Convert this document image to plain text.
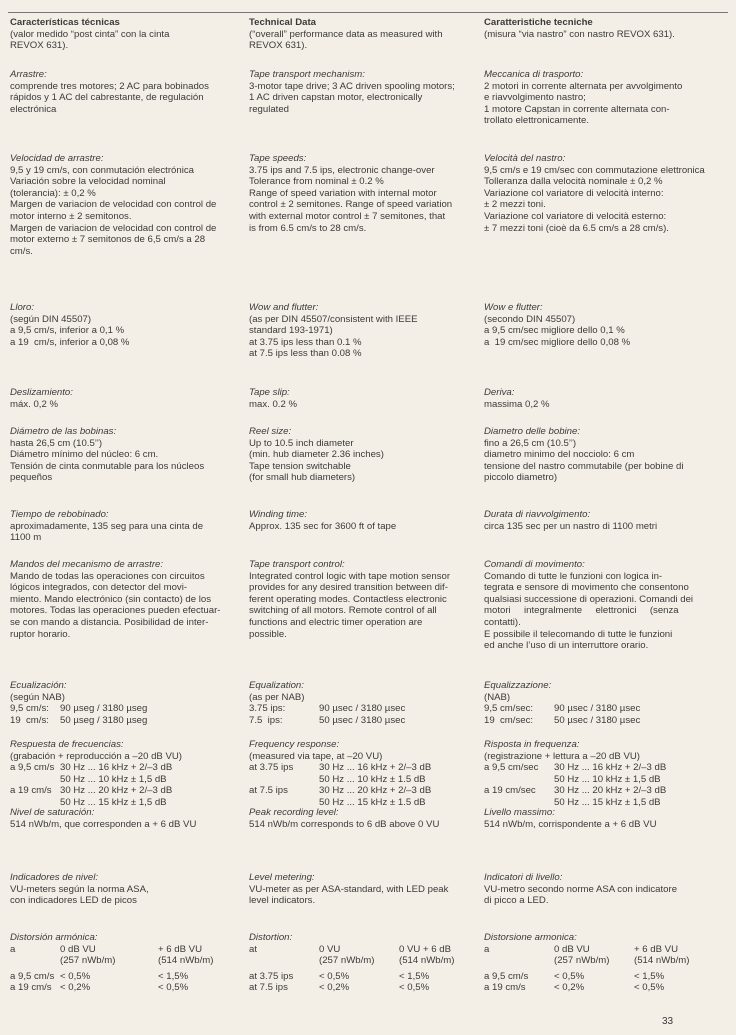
Características técnicas
(valor medido “post cinta” con la cinta
REVOX 631).
Arrastre:
comprende tres motores; 2 AC para bobinados
rápidos y 1 AC del cabrestante, de regulación
electrónica
Velocidad de arrastre:
9,5 y 19 cm/s, con conmutación electrónica
Variación sobre la velocidad nominal
(tolerancia): ± 0,2 %
Margen de variacion de velocidad con control de
motor interno ± 2 semitonos.
Margen de variacion de velocidad con control de
motor externo ± 7 semitonos de 6,5 cm/s a 28
cm/s.
Lloro:
(según DIN 45507)
a 9,5 cm/s, inferior a 0,1 %
a 19  cm/s, inferior a 0,08 %
Deslizamiento:
máx. 0,2 %
Diámetro de las bobinas:
hasta 26,5 cm (10.5’’)
Diámetro mínimo del núcleo: 6 cm.
Tensión de cinta conmutable para los núcleos
pequeños
Tiempo de rebobinado:
aproximadamente, 135 seg para una cinta de
1100 m
Mandos del mecanismo de arrastre:
Mando de todas las operaciones con circuitos
lógicos integrados, con detector del movi-
miento. Mando electrónico (sin contacto) de los
motores. Todas las operaciones pueden efectuar-
se con mando a distancia. Posibilidad de inter-
ruptor horario.
Ecualización:
(según NAB)
9,5 cm/s:	90 µseg / 3180 µseg
19  cm/s:	50 µseg / 3180 µseg
Respuesta de frecuencias:
(grabación + reproducción a –20 dB VU)
a 9,5 cm/s	30 Hz ... 16 kHz + 2/–3 dB
	50 Hz ... 10 kHz ± 1,5 dB
a 19 cm/s	30 Hz ... 20 kHz + 2/–3 dB
	50 Hz ... 15 kHz ± 1,5 dB
Nivel de saturación:
514 nWb/m, que corresponden a + 6 dB VU
Indicadores de nivel:
VU-meters según la norma ASA,
con indicadores LED de picos
Distorsión armónica:
a	0 dB VU	+ 6 dB VU
	(257 nWb/m)	(514 nWb/m)

a 9,5 cm/s	< 0,5%	< 1,5%
a 19 cm/s	< 0,2%	< 0,5%
Technical Data
(“overall” performance data as measured with
REVOX 631).
Tape transport mechanism:
3-motor tape drive; 3 AC driven spooling motors;
1 AC driven capstan motor, electronically
regulated
Tape speeds:
3.75 ips and 7.5 ips, electronic change-over
Tolerance from nominal ± 0.2 %
Range of speed variation with internal motor
control ± 2 semitones. Range of speed variation
with external motor control ± 7 semitones, that
is from 6.5 cm/s to 28 cm/s.
Wow and flutter:
(as per DIN 45507/consistent with IEEE
standard 193-1971)
at 3.75 ips less than 0.1 %
at 7.5 ips less than 0.08 %
Tape slip:
max. 0.2 %
Reel size:
Up to 10.5 inch diameter
(min. hub diameter 2.36 inches)
Tape tension switchable
(for small hub diameters)
Winding time:
Approx. 135 sec for 3600 ft of tape
Tape transport control:
Integrated control logic with tape motion sensor
provides for any desired transition between dif-
ferent operating modes. Contactless electronic
switching of all motors. Remote control of all
functions and electric timer operation are
possible.
Equalization:
(as per NAB)
3.75 ips:	90 µsec / 3180 µsec
7.5  ips:	50 µsec / 3180 µsec
Frequency response:
(measured via tape, at –20 VU)
at 3.75 ips	30 Hz ... 16 kHz + 2/–3 dB
	50 Hz ... 10 kHz ± 1.5 dB
at 7.5 ips	30 Hz ... 20 kHz + 2/–3 dB
	50 Hz ... 15 kHz ± 1.5 dB
Peak recording level:
514 nWb/m corresponds to 6 dB above 0 VU
Level metering:
VU-meter as per ASA-standard, with LED peak
level indicators.
Distortion:
at	0 VU	0 VU + 6 dB
	(257 nWb/m)	(514 nWb/m)

at 3.75 ips	< 0,5%	< 1,5%
at 7.5 ips	< 0,2%	< 0,5%
Caratteristiche tecniche
(misura “via nastro” con nastro REVOX 631).
Meccanica di trasporto:
2 motori in corrente alternata per avvolgimento
e riavvolgimento nastro;
1 motore Capstan in corrente alternata con-
trollato elettronicamente.
Velocità del nastro:
9,5 cm/s e 19 cm/sec con commutazione elettronica
Tolleranza dalla velocità nominale ± 0,2 %
Variazione col variatore di velocità interno:
± 2 mezzi toni.
Variazione col variatore di velocità esterno:
± 7 mezzi toni (cioè da 6.5 cm/s a 28 cm/s).
Wow e flutter:
(secondo DIN 45507)
a 9,5 cm/sec migliore dello 0,1 %
a  19 cm/sec migliore dello 0,08 %
Deriva:
massima 0,2 %
Diametro delle bobine:
fino a 26,5 cm (10.5’’)
diametro minimo del nocciolo: 6 cm
tensione del nastro commutabile (per bobine di
piccolo diametro)
Durata di riavvolgimento:
circa 135 sec per un nastro di 1100 metri
Comandi di movimento:
Comando di tutte le funzioni con logica in-
tegrata e sensore di movimento che consentono
qualsiasi successione di operazioni. Comandi dei
motori     integralmente     elettronici     (senza
contatti).
E possibile il telecomando di tutte le funzioni
ed anche l’uso di un interruttore orario.
Equalizzazione:
(NAB)
9,5 cm/sec:	90 µsec / 3180 µsec
19  cm/sec:	50 µsec / 3180 µsec
Risposta in frequenza:
(registrazione + lettura a –20 dB VU)
a 9,5 cm/sec	30 Hz ... 16 kHz + 2/–3 dB
	50 Hz ... 10 kHz ± 1,5 dB
a 19 cm/sec	30 Hz ... 20 kHz + 2/–3 dB
	50 Hz ... 15 kHz ± 1,5 dB
Livello massimo:
514 nWb/m, corrispondente a + 6 dB VU
Indicatori di livello:
VU-metro secondo norme ASA con indicatore
di picco a LED.
Distorsione armonica:
a	0 dB VU	+ 6 dB VU
	(257 nWb/m)	(514 nWb/m)

a 9,5 cm/s	< 0,5%	< 1,5%
a 19 cm/s	< 0,2%	< 0,5%
33
